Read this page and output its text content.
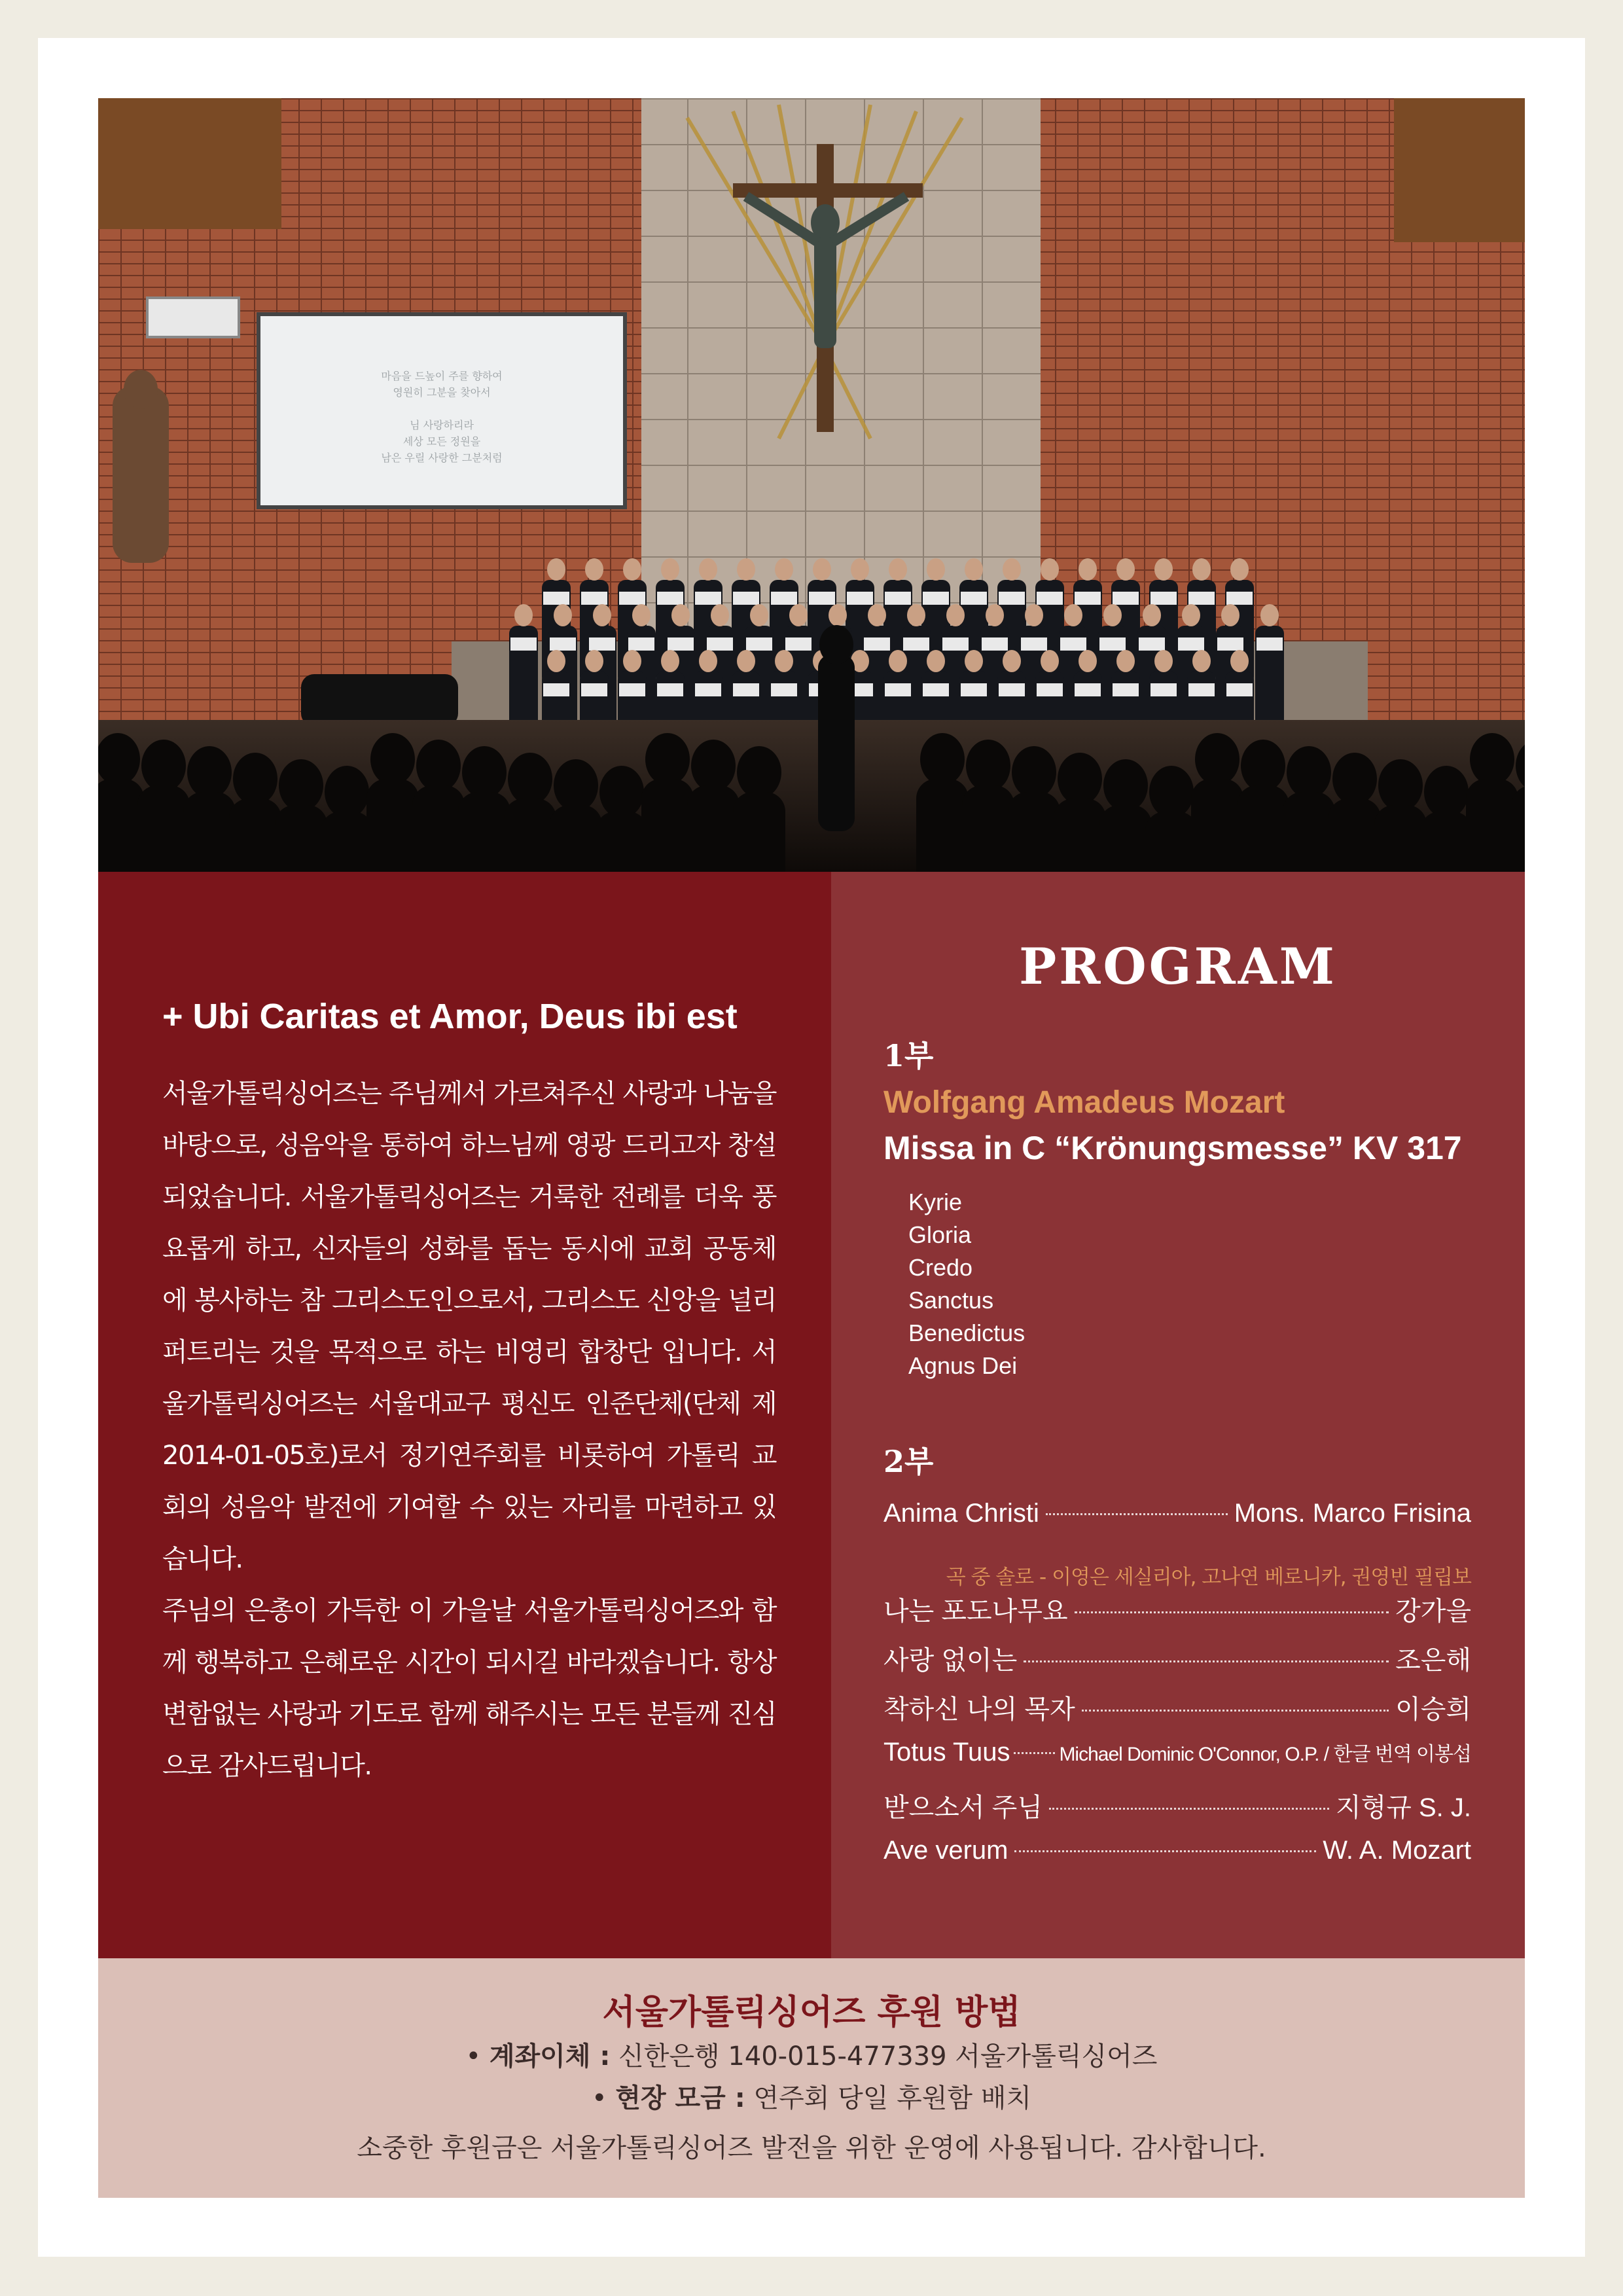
마음을 드높이 주를 향하여
영원히 그분을 찾아서
님 사랑하리라
세상 모든 정원을
남은 우릴 사랑한 그분처럼
+ Ubi Caritas et Amor, Deus ibi est

서울가톨릭싱어즈는 주님께서 가르쳐주신 사랑과 나눔을 바탕으로, 성음악을 통하여 하느님께 영광 드리고자 창설되었습니다. 서울가톨릭싱어즈는 거룩한 전례를 더욱 풍요롭게 하고, 신자들의 성화를 돕는 동시에 교회 공동체에 봉사하는 참 그리스도인으로서, 그리스도 신앙을 널리 퍼트리는 것을 목적으로 하는 비영리 합창단 입니다. 서울가톨릭싱어즈는 서울대교구 평신도 인준단체(단체 제2014-01-05호)로서 정기연주회를 비롯하여 가톨릭 교회의 성음악 발전에 기여할 수 있는 자리를 마련하고 있습니다.

주님의 은총이 가득한 이 가을날 서울가톨릭싱어즈와 함께 행복하고 은혜로운 시간이 되시길 바라겠습니다. 항상 변함없는 사랑과 기도로 함께 해주시는 모든 분들께 진심으로 감사드립니다.

PROGRAM
1부
Wolfgang Amadeus Mozart
Missa in C “Krönungsmesse” KV 317
Kyrie
Gloria
Credo
Sanctus
Benedictus
Agnus Dei
2부
Anima Christi	Mons. Marco Frisina
곡 중 솔로 - 이영은 세실리아, 고나연 베로니카, 권영빈 필립보
나는 포도나무요	강가을
사랑 없이는	조은해
착하신 나의 목자	이승희
Totus Tuus	Michael Dominic O'Connor, O.P. / 한글 번역 이봉섭
받으소서 주님	지형규 S. J.
Ave verum	W. A. Mozart
서울가톨릭싱어즈 후원 방법
• 계좌이체 : 신한은행 140-015-477339 서울가톨릭싱어즈
• 현장 모금 : 연주회 당일 후원함 배치
소중한 후원금은 서울가톨릭싱어즈 발전을 위한 운영에 사용됩니다. 감사합니다.
